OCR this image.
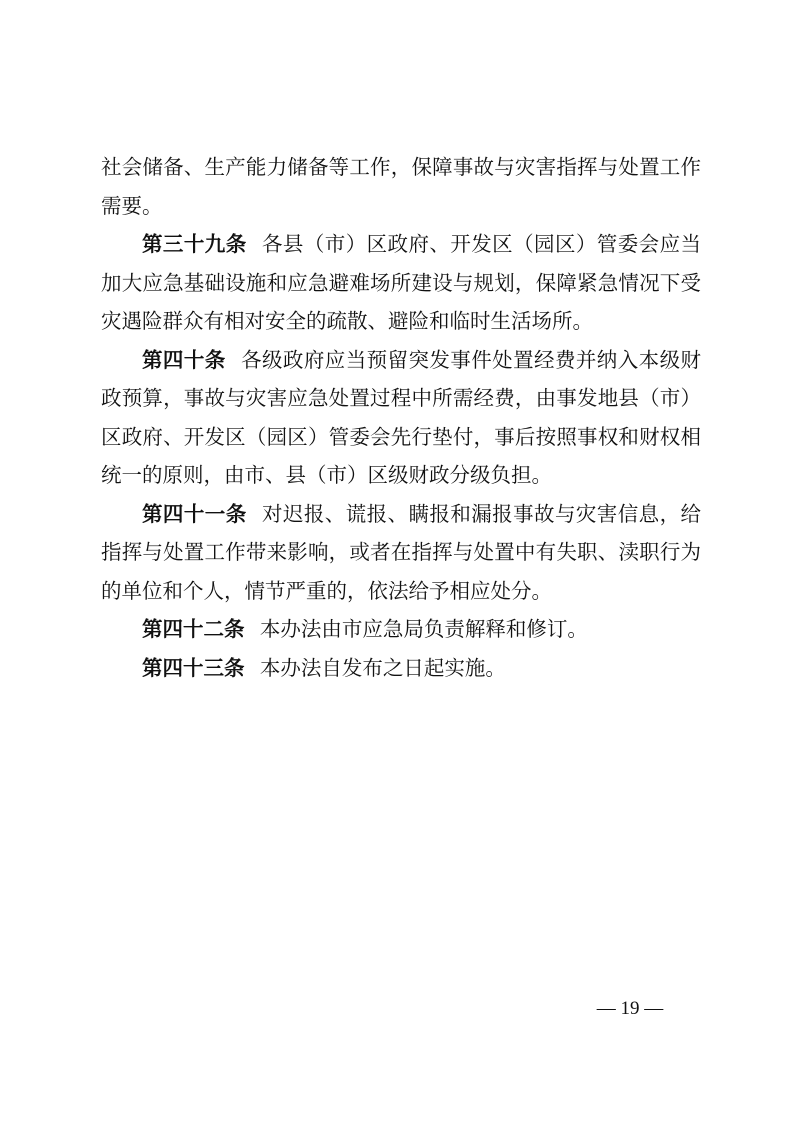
社会储备、生产能力储备等工作，保障事故与灾害指挥与处置工作需要。

第三十九条 各县（市）区政府、开发区（园区）管委会应当加大应急基础设施和应急避难场所建设与规划，保障紧急情况下受灾遇险群众有相对安全的疏散、避险和临时生活场所。

第四十条 各级政府应当预留突发事件处置经费并纳入本级财政预算，事故与灾害应急处置过程中所需经费，由事发地县（市）区政府、开发区（园区）管委会先行垫付，事后按照事权和财权相统一的原则，由市、县（市）区级财政分级负担。

第四十一条 对迟报、谎报、瞒报和漏报事故与灾害信息，给指挥与处置工作带来影响，或者在指挥与处置中有失职、渎职行为的单位和个人，情节严重的，依法给予相应处分。

第四十二条 本办法由市应急局负责解释和修订。

第四十三条 本办法自发布之日起实施。

— 19 —
